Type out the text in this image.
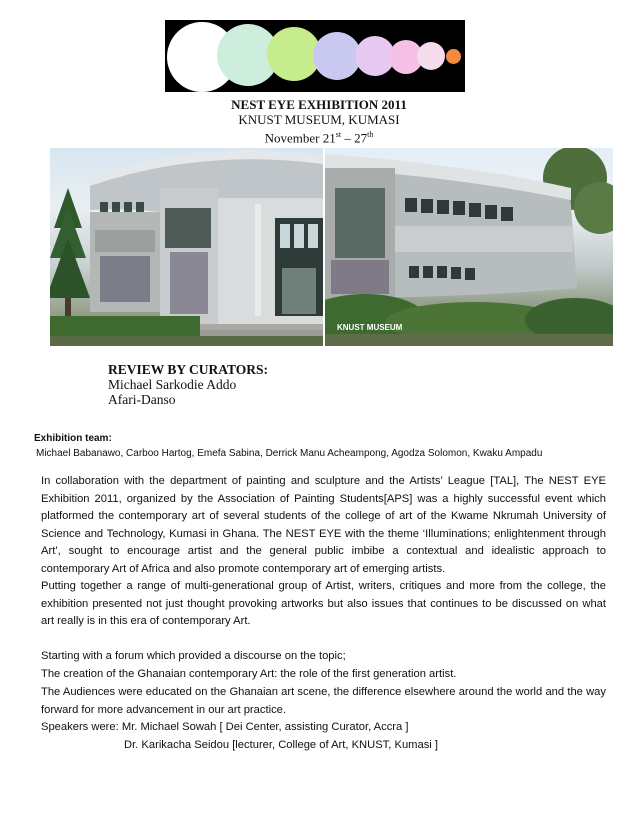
NEST EYE EXHIBITION 2011
KNUST MUSEUM, KUMASI
November 21st – 27th
KNUST MUSEUM
REVIEW BY CURATORS:
Michael Sarkodie Addo
Afari-Danso
Exhibition team:
Michael Babanawo, Carboo Hartog, Emefa Sabina, Derrick Manu Acheampong, Agodza Solomon, Kwaku Ampadu
In collaboration with the department of painting and sculpture and the Artists’ League [TAL], The NEST EYE Exhibition 2011, organized by the Association of Painting Students[APS] was a highly successful event which platformed the contemporary art of several students of the college of art of the Kwame Nkrumah University of Science and Technology, Kumasi in Ghana. The NEST EYE with the theme ‘Illuminations; enlightenment through Art’, sought to encourage artist and the general public imbibe a contextual and idealistic approach to contemporary Art of Africa and also promote contemporary art of emerging artists.
Putting together a range of multi-generational group of Artist, writers, critiques and more from the college, the exhibition presented not just thought provoking artworks but also issues that continues to be discussed on what art really is in this era of contemporary Art.
Starting with a forum which provided a discourse on the topic;
The creation of the Ghanaian contemporary Art: the role of the first generation artist.
The Audiences were educated on the Ghanaian art scene, the difference elsewhere around the world and the way forward for more advancement in our art practice.
Speakers were: Mr. Michael Sowah [ Dei Center, assisting Curator, Accra ]
Dr. Karikacha Seidou [lecturer, College of Art, KNUST, Kumasi ]
